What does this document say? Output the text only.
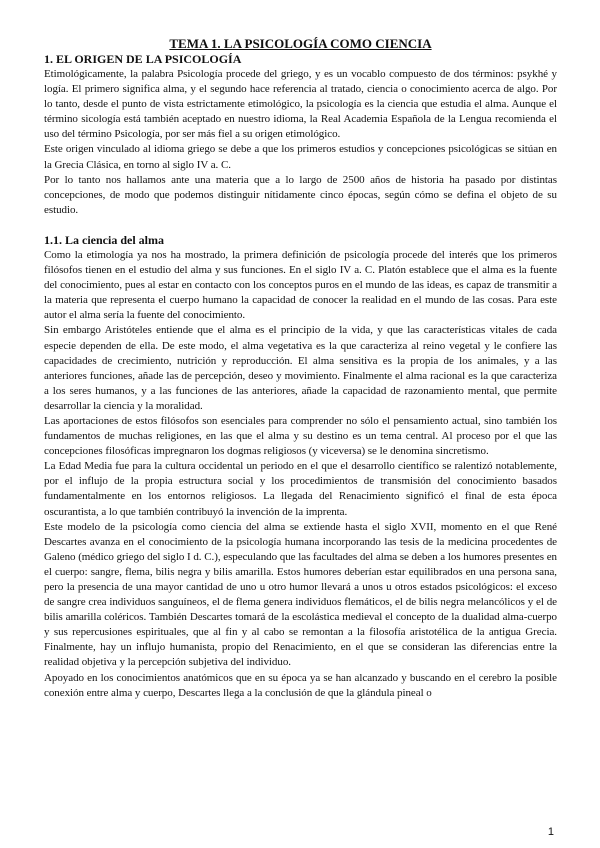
TEMA 1. LA PSICOLOGÍA COMO CIENCIA
1. EL ORIGEN DE LA PSICOLOGÍA

Etimológicamente, la palabra Psicología procede del griego, y es un vocablo compuesto de dos términos: psykhé y logía. El primero significa alma, y el segundo hace referencia al tratado, ciencia o conocimiento acerca de algo. Por lo tanto, desde el punto de vista estrictamente etimológico, la psicología es la ciencia que estudia el alma. Aunque el término sicología está también aceptado en nuestro idioma, la Real Academia Española de la Lengua recomienda el uso del término Psicología, por ser más fiel a su origen etimológico.

Este origen vinculado al idioma griego se debe a que los primeros estudios y concepciones psicológicas se sitúan en la Grecia Clásica, en torno al siglo IV a. C.

Por lo tanto nos hallamos ante una materia que a lo largo de 2500 años de historia ha pasado por distintas concepciones, de modo que podemos distinguir nítidamente cinco épocas, según cómo se defina el objeto de su estudio.

1.1. La ciencia del alma

Como la etimología ya nos ha mostrado, la primera definición de psicología procede del interés que los primeros filósofos tienen en el estudio del alma y sus funciones. En el siglo IV a. C. Platón establece que el alma es la fuente del conocimiento, pues al estar en contacto con los conceptos puros en el mundo de las ideas, es capaz de transmitir a la materia que representa el cuerpo humano la capacidad de conocer la realidad en el mundo de las cosas. Para este autor el alma sería la fuente del conocimiento.

Sin embargo Aristóteles entiende que el alma es el principio de la vida, y que las características vitales de cada especie dependen de ella. De este modo, el alma vegetativa es la que caracteriza al reino vegetal y le confiere las capacidades de crecimiento, nutrición y reproducción. El alma sensitiva es la propia de los animales, y a las anteriores funciones, añade las de percepción, deseo y movimiento. Finalmente el alma racional es la que caracteriza a los seres humanos, y a las funciones de las anteriores, añade la capacidad de razonamiento mental, que permite desarrollar la ciencia y la moralidad.

Las aportaciones de estos filósofos son esenciales para comprender no sólo el pensamiento actual, sino también los fundamentos de muchas religiones, en las que el alma y su destino es un tema central. Al proceso por el que las concepciones filosóficas impregnaron los dogmas religiosos (y viceversa) se le denomina sincretismo.

La Edad Media fue para la cultura occidental un periodo en el que el desarrollo científico se ralentizó notablemente, por el influjo de la propia estructura social y los procedimientos de transmisión del conocimiento basados fundamentalmente en los entornos religiosos. La llegada del Renacimiento significó el final de esta época oscurantista, a lo que también contribuyó la invención de la imprenta.

Este modelo de la psicología como ciencia del alma se extiende hasta el siglo XVII, momento en el que René Descartes avanza en el conocimiento de la psicología humana incorporando las tesis de la medicina procedentes de Galeno (médico griego del siglo I d. C.), especulando que las facultades del alma se deben a los humores presentes en el cuerpo: sangre, flema, bilis negra y bilis amarilla. Estos humores deberían estar equilibrados en una persona sana, pero la presencia de una mayor cantidad de uno u otro humor llevará a unos u otros estados psicológicos: el exceso de sangre crea individuos sanguíneos, el de flema genera individuos flemáticos, el de bilis negra melancólicos y el de bilis amarilla coléricos. También Descartes tomará de la escolástica medieval el concepto de la dualidad alma-cuerpo y sus repercusiones espirituales, que al fin y al cabo se remontan a la filosofía aristotélica de la antigua Grecia. Finalmente, hay un influjo humanista, propio del Renacimiento, en el que se consideran las diferencias entre la realidad objetiva y la percepción subjetiva del individuo.

Apoyado en los conocimientos anatómicos que en su época ya se han alcanzado y buscando en el cerebro la posible conexión entre alma y cuerpo, Descartes llega a la conclusión de que la glándula pineal o

1
